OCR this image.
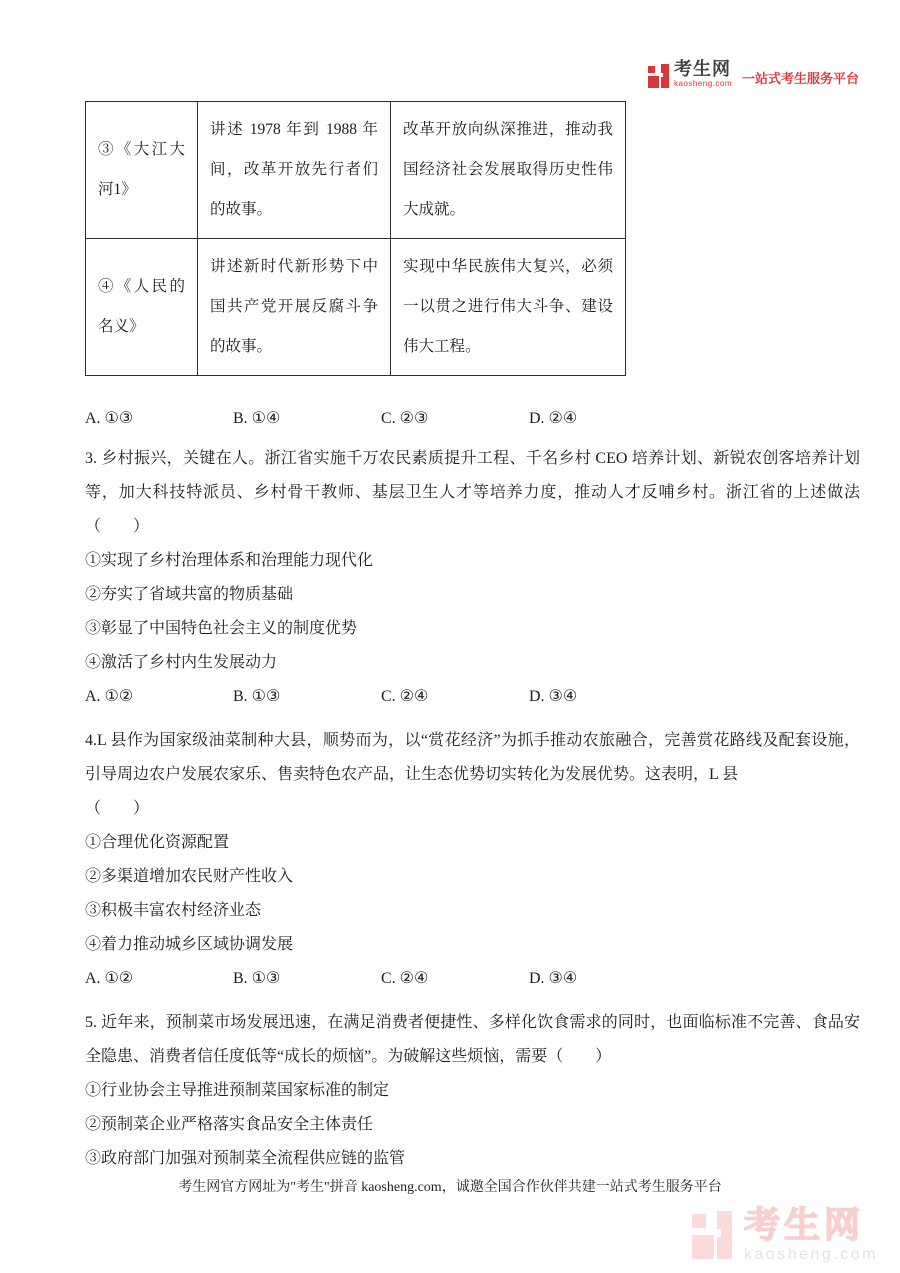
考生网
kaosheng.com 一站式考生服务平台
③《大江大河1》	讲述 1978 年到 1988 年间，改革开放先行者们的故事。	改革开放向纵深推进，推动我国经济社会发展取得历史性伟大成就。
④《人民的名义》	讲述新时代新形势下中国共产党开展反腐斗争的故事。	实现中华民族伟大复兴，必须一以贯之进行伟大斗争、建设伟大工程。
A. ①③	B. ①④	C. ②③	D. ②④
3. 乡村振兴，关键在人。浙江省实施千万农民素质提升工程、千名乡村 CEO 培养计划、新锐农创客培养计划等，加大科技特派员、乡村骨干教师、基层卫生人才等培养力度，推动人才反哺乡村。浙江省的上述做法（　　）
①实现了乡村治理体系和治理能力现代化
②夯实了省域共富的物质基础
③彰显了中国特色社会主义的制度优势
④激活了乡村内生发展动力
A. ①②	B. ①③	C. ②④	D. ③④
4.L 县作为国家级油菜制种大县，顺势而为，以“赏花经济”为抓手推动农旅融合，完善赏花路线及配套设施，引导周边农户发展农家乐、售卖特色农产品，让生态优势切实转化为发展优势。这表明，L 县
（　　）
①合理优化资源配置
②多渠道增加农民财产性收入
③积极丰富农村经济业态
④着力推动城乡区域协调发展
A. ①②	B. ①③	C. ②④	D. ③④
5. 近年来，预制菜市场发展迅速，在满足消费者便捷性、多样化饮食需求的同时，也面临标准不完善、食品安全隐患、消费者信任度低等“成长的烦恼”。为破解这些烦恼，需要（　　）
①行业协会主导推进预制菜国家标准的制定
②预制菜企业严格落实食品安全主体责任
③政府部门加强对预制菜全流程供应链的监管
考生网官方网址为"考生"拼音 kaosheng.com，诚邀全国合作伙伴共建一站式考生服务平台
考生网
kaosheng.com
